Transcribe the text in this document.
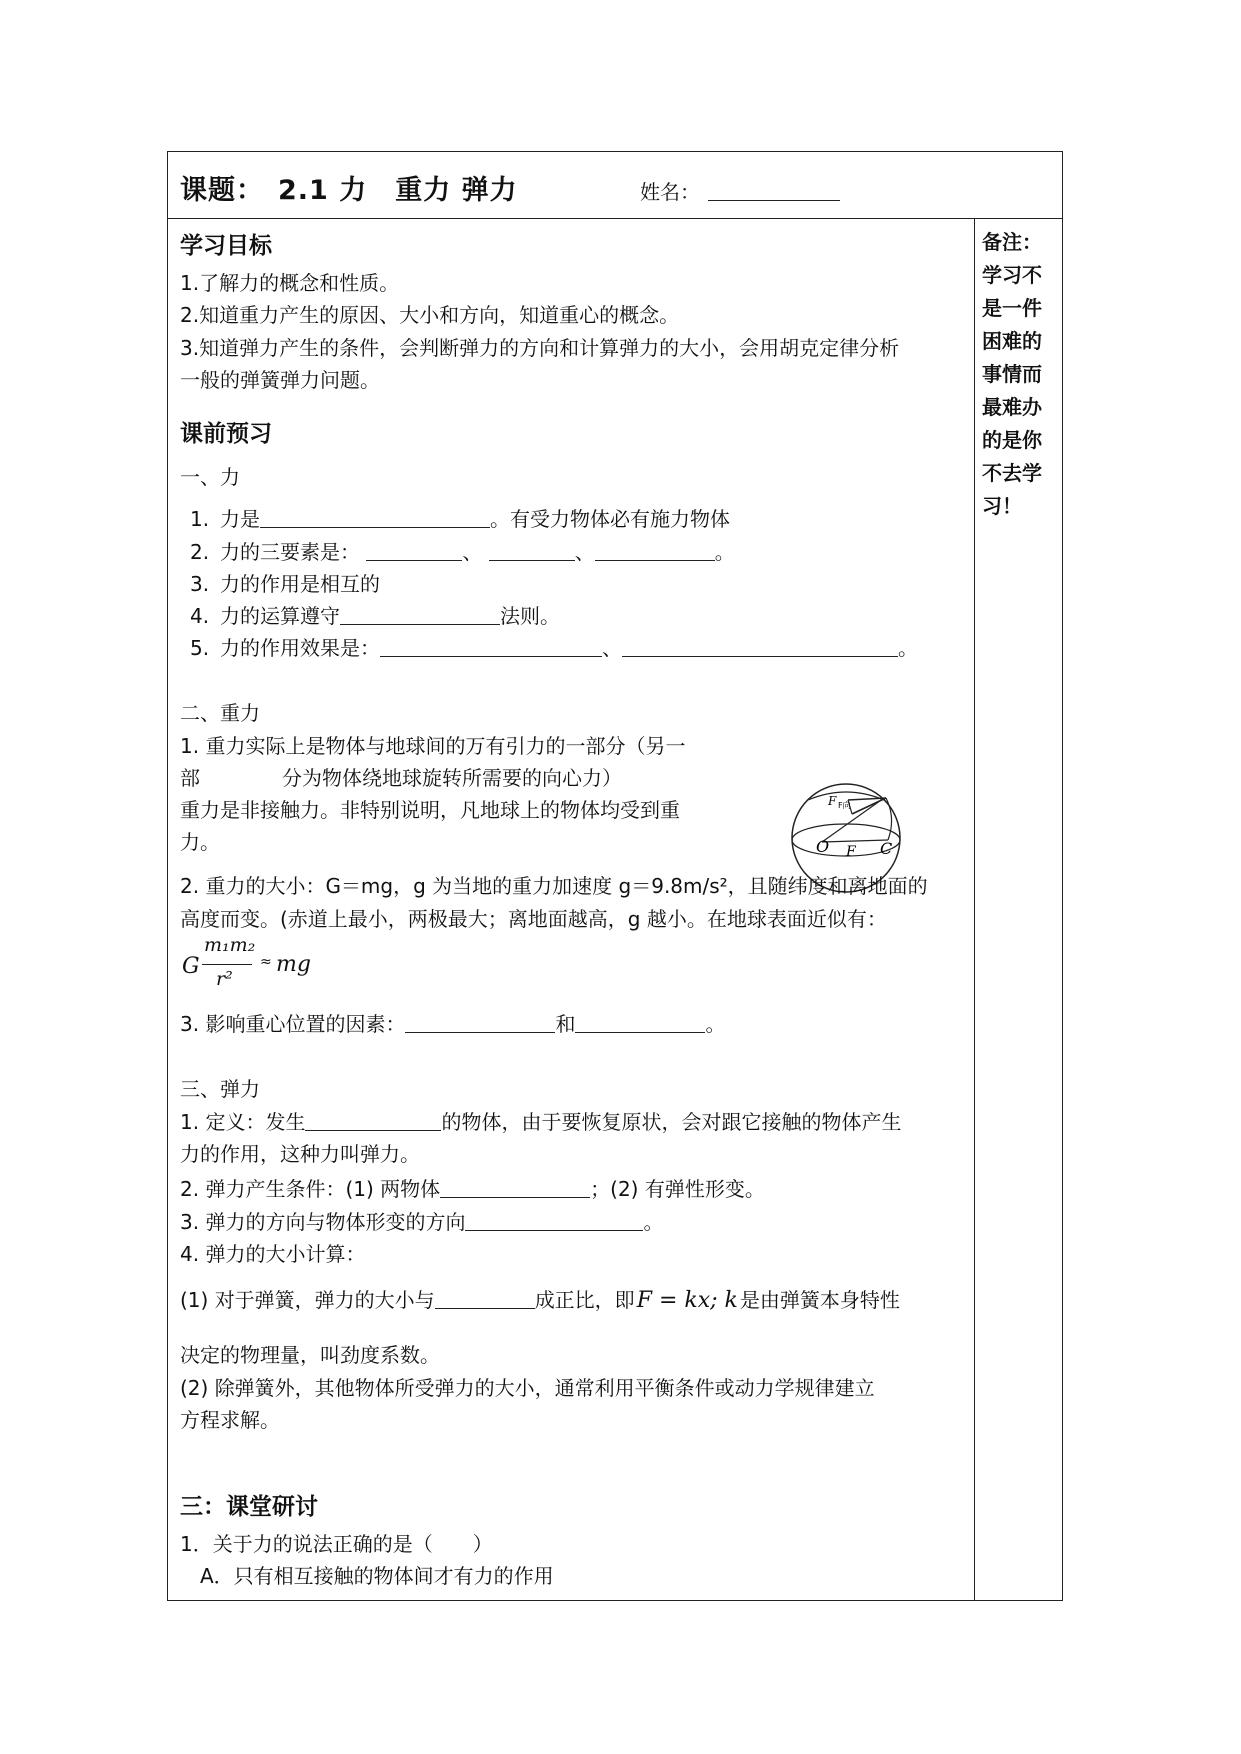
课题： 2.1 力　重力 弹力	姓名：
备注：学习不是一件困难的事情而最难办的是你不去学习！
学习目标
1.了解力的概念和性质。
2.知道重力产生的原因、大小和方向，知道重心的概念。
3.知道弹力产生的条件，会判断弹力的方向和计算弹力的大小，会用胡克定律分析
一般的弹簧弹力问题。
课前预习
一、力
1. 力是	。有受力物体必有施力物体
2. 力的三要素是：	、	、	。
3. 力的作用是相互的
4. 力的运算遵守	法则。
5. 力的作用效果是：	、	。
二、重力
1. 重力实际上是物体与地球间的万有引力的一部分（另一
部	分为物体绕地球旋转所需要的向心力）
重力是非接触力。非特别说明，凡地球上的物体均受到重
力。
F F向
O F C
2. 重力的大小：G＝mg，g 为当地的重力加速度 g＝9.8m/s²，且随纬度和离地面的
高度而变。(赤道上最小，两极最大；离地面越高，g 越小。在地球表面近似有：
G
m₁m₂
r²
≈ mg
3. 影响重心位置的因素：	和	。
三、弹力
1. 定义：发生	的物体，由于要恢复原状，会对跟它接触的物体产生
力的作用，这种力叫弹力。
2. 弹力产生条件：(1) 两物体	；(2) 有弹性形变。
3. 弹力的方向与物体形变的方向	。
4. 弹力的大小计算：
(1) 对于弹簧，弹力的大小与	成正比，即F = kx; k 是由弹簧本身特性
决定的物理量，叫劲度系数。
(2) 除弹簧外，其他物体所受弹力的大小，通常利用平衡条件或动力学规律建立
方程求解。
三：课堂研讨
1．关于力的说法正确的是（　　）
A．只有相互接触的物体间才有力的作用
